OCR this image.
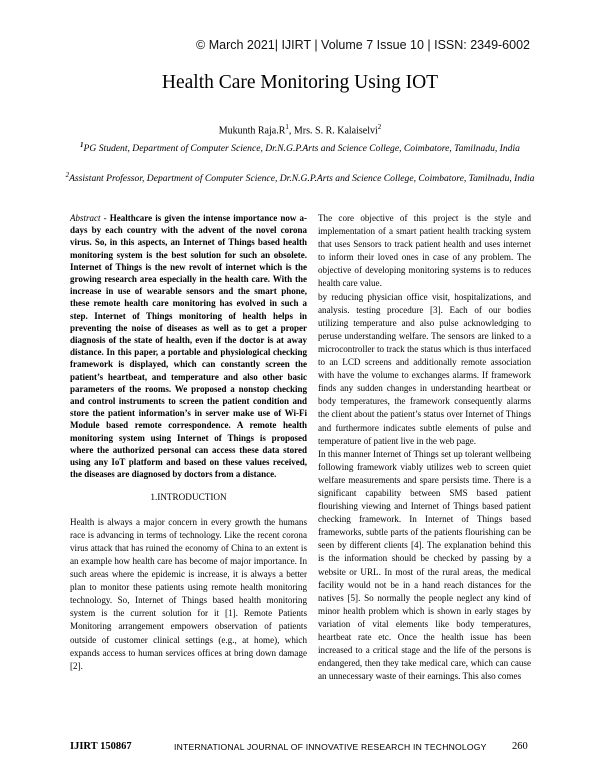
© March 2021| IJIRT | Volume 7 Issue 10 | ISSN: 2349-6002
Health Care Monitoring Using IOT
Mukunth $Raja.R^1$, Mrs. S. R. Kalaiselvi$^2$
$^1$PG Student, Department of Computer Science, Dr.N.G.P.Arts and Science College, Coimbatore, Tamilnadu, India
$^2$Assistant Professor, Department of Computer Science, Dr.N.G.P.Arts and Science College, Coimbatore, Tamilnadu, India

Abstract - Healthcare is given the intense importance now a- days by each country with the advent of the novel corona virus. So, in this aspects, an Internet of Things based health monitoring system is the best solution for such an obsolete. Internet of Things is the new revolt of internet which is the growing research area especially in the health care. With the increase in use of wearable sensors and the smart phone, these remote health care monitoring has evolved in such a step. Internet of Things monitoring of health helps in preventing the noise of diseases as well as to get a proper diagnosis of the state of health, even if the doctor is at away distance. In this paper, a portable and physiological checking framework is displayed, which can constantly screen the patient’s heartbeat, and temperature and also other basic parameters of the rooms. We proposed a nonstop checking and control instruments to screen the patient condition and store the patient information’s in server make use of Wi-Fi Module based remote correspondence. A remote health monitoring system using Internet of Things is proposed where the authorized personal can access these data stored using any IoT platform and based on these values received, the diseases are diagnosed by doctors from a distance.

1.INTRODUCTION

Health is always a major concern in every growth the humans race is advancing in terms of technology. Like the recent corona virus attack that has ruined the economy of China to an extent is an example how health care has become of major importance. In such areas where the epidemic is increase, it is always a better plan to monitor these patients using remote health monitoring technology. So, Internet of Things based health monitoring system is the current solution for it [1]. Remote Patients Monitoring arrangement empowers observation of patients outside of customer clinical settings (e.g., at home), which expands access to human services offices at bring down damage [2].

The core objective of this project is the style and implementation of a smart patient health tracking system that uses Sensors to track patient health and uses internet to inform their loved ones in case of any problem. The objective of developing monitoring systems is to reduces health care value.

by reducing physician office visit, hospitalizations, and analysis. testing procedure [3]. Each of our bodies utilizing temperature and also pulse acknowledging to peruse understanding welfare. The sensors are linked to a microcontroller to track the status which is thus interfaced to an LCD screens and additionally remote association with have the volume to exchanges alarms. If framework finds any sudden changes in understanding heartbeat or body temperatures, the framework consequently alarms the client about the patient’s status over Internet of Things and furthermore indicates subtle elements of pulse and temperature of patient live in the web page.

In this manner Internet of Things set up tolerant wellbeing following framework viably utilizes web to screen quiet welfare measurements and spare persists time. There is a significant capability between SMS based patient flourishing viewing and Internet of Things based patient checking framework. In Internet of Things based frameworks, subtle parts of the patients flourishing can be seen by different clients [4]. The explanation behind this is the information should be checked by passing by a website or URL. In most of the rural areas, the medical facility would not be in a hand reach distances for the natives [5]. So normally the people neglect any kind of minor health problem which is shown in early stages by variation of vital elements like body temperatures, heartbeat rate etc. Once the health issue has been increased to a critical stage and the life of the persons is endangered, then they take medical care, which can cause an unnecessary waste of their earnings. This also comes

IJIRT 150867	INTERNATIONAL JOURNAL OF INNOVATIVE RESEARCH IN TECHNOLOGY 260
